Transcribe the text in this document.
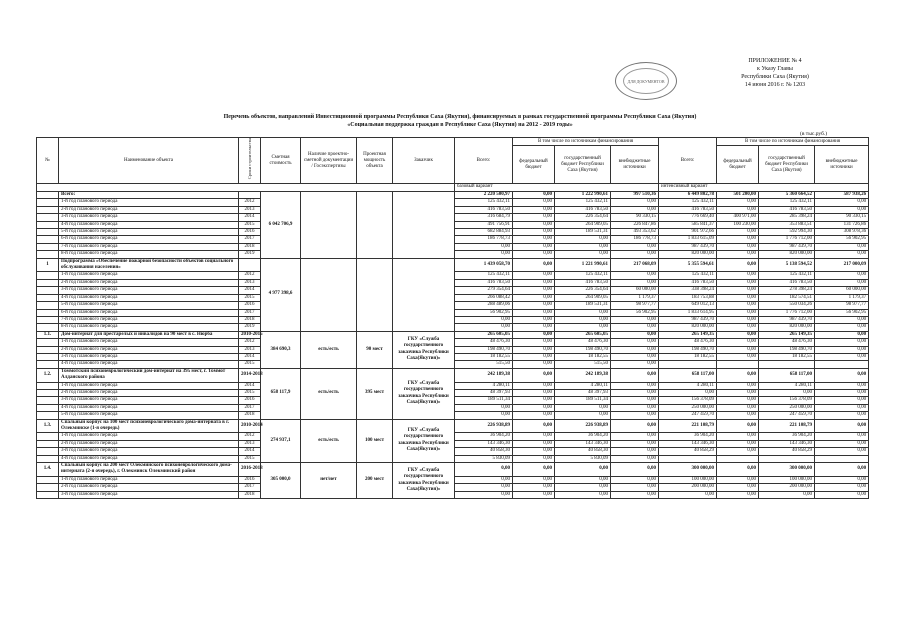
ДЛЯ ДОКУМЕНТОВ
ПРИЛОЖЕНИЕ № 4
к Указу Главы
Республики Саха (Якутия)
14 июня 2016 г. № 1203
Перечень объектов, направлений Инвестиционной программы Республики Саха (Якутия), финансируемых в рамках государственной программы Республики Саха (Якутия)
«Социальная поддержка граждан в Республике Саха (Якутия) на 2012 - 2019 годы»
(в тыс.руб.)
№	Наименование объекта	Сроки строительства	Сметная стоимость	Наличие проектно-сметной документации / Госэкспертизы	Проектная мощность объекта	Заказчик	Всего:	В том числе по источникам финансирования			Всего:	В том числе по источникам финансирования		
								федеральный бюджет	государственный бюджет Республики Саха (Якутия)	внебюджетные источники		федеральный бюджет	государственный бюджет Республики Саха (Якутия)	внебюджетные источники
							базовый вариант				интенсивный вариант			
	Всего:		6 042 706,9				2 220 500,97	0,00	1 222 990,61	997 510,36	6 449 802,78	501 200,00	5 360 664,52	587 938,26
	1-й год планового периода	2012					125 432,11	0,00	125 432,11	0,00	125 432,11	0,00	125 432,11	0,00
	2-й год планового периода	2013					416 783,50	0,00	416 783,50	0,00	416 783,50	0,00	416 783,50	0,00
	3-й год планового периода	2014					316 684,79	0,00	226 354,64	90 330,15	776 669,40	400 971,00	285 398,24	90 330,15
	4-й год планового периода	2015					491 756,91	0,00	264 909,05	226 847,86	585 841,37	100 230,00	353 883,51	131 726,86
	5-й год планового периода	2016					682 884,93	0,00	189 531,31	493 353,62	901 972,66	0,00	592 994,30	308 978,36
	6-й год планового периода	2017					186 778,73	0,00	0,00	186 778,73	1 833 615,09	0,00	1 776 712,00	56 902,95
	7-й год планового периода	2018					0,00	0,00	0,00	0,00	987 439,70	0,00	987 439,70	0,00
	8-й год планового периода	2019					0,00	0,00	0,00	0,00	820 000,00	0,00	820 000,00	0,00
1	Подпрограмма «Обеспечение пожарной безопасности объектов социального обслуживания населения»		4 977 398,6				1 439 058,70	0,00	1 221 990,61	217 068,09	5 355 594,61	0,00	5 138 594,52	217 000,09
	1-й год планового периода	2012					125 432,11	0,00	125 432,11	0,00	125 432,11	0,00	125 432,11	0,00
	2-й год планового периода	2013					416 783,50	0,00	416 783,50	0,00	416 783,50	0,00	416 783,50	0,00
	3-й год планового периода	2014					279 354,64	0,00	226 354,64	60 000,00	338 398,24	0,00	278 398,24	60 000,00
	4-й год планового периода	2015					266 088,42	0,00	264 909,05	1 179,37	183 753,88	0,00	182 574,51	1 179,37
	5-й год планового периода	2016					288 489,06	0,00	189 531,31	98 977,77	649 012,13	0,00	550 034,26	98 977,77
	6-й год планового периода	2017					56 902,95	0,00	0,00	56 902,95	1 833 614,95	0,00	1 776 712,00	56 902,95
	7-й год планового периода	2018					0,00	0,00	0,00	0,00	987 439,70	0,00	987 439,70	0,00
	8-й год планового периода	2019					0,00	0,00	0,00	0,00	820 000,00	0,00	820 000,00	0,00
1.1.	Дом-интернат для престарелых и инвалидов на 90 мест в с. Нюрба	2010-2015	384 690,3	есть/есть	90 мест	ГКУ «Служба государственного заказчика Республики Саха(Якутия)»	265 605,05	0,00	265 605,05	0,00	265 149,35	0,00	265 149,35	0,00
	1-й год планового периода	2012					48 476,30	0,00	48 476,30	0,00	48 476,30	0,00	48 476,30	0,00
	2-й год планового периода	2013					198 490,70	0,00	198 490,70	0,00	198 490,70	0,00	198 490,70	0,00
	3-й год планового периода	2014					18 182,55	0,00	18 182,55	0,00	18 182,55	0,00	18 182,55	0,00
	4-й год планового периода	2015					515,50	0,00	515,50	0,00				
1.2.	Томмотский психоневрологический дом-интернат на 395 мест, г. Томмот Алданского района	2014-2018	658 117,9	есть/есть	395 мест	ГКУ «Служба государственного заказчика Республики Саха(Якутия)»	242 189,38	0,00	242 189,38	0,00	658 117,00	0,00	658 117,00	0,00
	1-й год планового периода	2014					4 280,11	0,00	4 280,11	0,00	4 280,11	0,00	4 280,11	0,00
	2-й год планового периода	2015					48 397,93	0,00	48 397,93	0,00	0,00	0,00	0,00	0,00
	3-й год планового периода	2016					189 511,34	0,00	189 511,34	0,00	156 378,09	0,00	156 378,09	0,00
	4-й год планового периода	2017					0,00	0,00	0,00	0,00	250 000,00	0,00	250 000,00	0,00
	5-й год планового периода	2018					0,00	0,00	0,00	0,00	247 459,70	0,00	247 459,70	0,00
1.3.	Спальный корпус на 100 мест психоневрологического дома-интерната в г. Олекминске (1-я очередь)	2010-2014	274 937,1	есть/есть	100 мест	ГКУ «Служба государственного заказчика Республики Саха(Якутия)»	226 938,89	0,00	226 938,89	0,00	221 108,79	0,00	221 108,79	0,00
	1-й год планового периода	2012					36 904,20	0,00	36 904,20	0,00	36 904,20	0,00	36 904,20	0,00
	2-й год планового периода	2013					143 346,30	0,00	143 346,30	0,00	143 346,30	0,00	143 346,30	0,00
	3-й год планового периода	2014					40 858,30	0,00	40 858,30	0,00	40 858,29	0,00	40 858,29	0,00
	4-й год планового периода	2015					5 830,09	0,00	5 830,09	0,00				
1.4.	Спальный корпус на 200 мест Олекминского психоневрологического дома-интерната (2-я очередь), г. Олекминск Олекминский район	2016-2018	305 000,0	нет/нет	200 мест	ГКУ «Служба государственного заказчика Республики Саха(Якутия)»	0,00	0,00	0,00	0,00	300 000,00	0,00	300 000,00	0,00
	1-й год планового периода	2016					0,00	0,00	0,00	0,00	100 000,00	0,00	100 000,00	0,00
	2-й год планового периода	2017					0,00	0,00	0,00	0,00	200 000,00	0,00	200 000,00	0,00
	3-й год планового периода	2018					0,00	0,00	0,00	0,00	0,00	0,00	0,00	0,00
